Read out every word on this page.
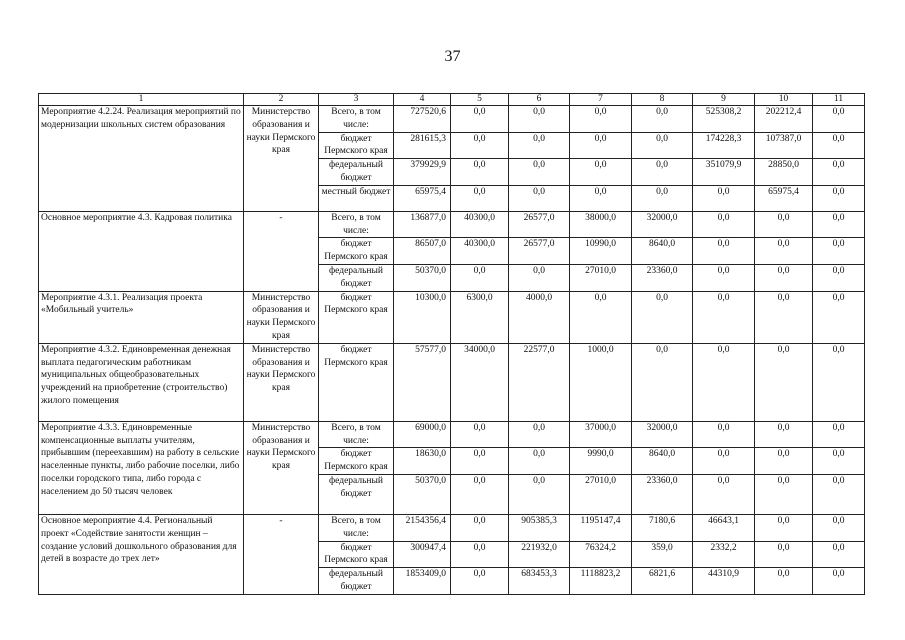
37
1	2	3	4	5	6	7	8	9	10	11
Мероприятие 4.2.24. Реализация мероприятий по модернизации школьных систем образования	Министерство образования и науки Пермского края	Всего, в том числе:	727520,6	0,0	0,0	0,0	0,0	525308,2	202212,4	0,0
		бюджет Пермского края	281615,3	0,0	0,0	0,0	0,0	174228,3	107387,0	0,0
		федеральный бюджет	379929,9	0,0	0,0	0,0	0,0	351079,9	28850,0	0,0
		местный бюджет	65975,4	0,0	0,0	0,0	0,0	0,0	65975,4	0,0
Основное мероприятие 4.3. Кадровая политика	-	Всего, в том числе:	136877,0	40300,0	26577,0	38000,0	32000,0	0,0	0,0	0,0
		бюджет Пермского края	86507,0	40300,0	26577,0	10990,0	8640,0	0,0	0,0	0,0
		федеральный бюджет	50370,0	0,0	0,0	27010,0	23360,0	0,0	0,0	0,0
Мероприятие 4.3.1. Реализация проекта «Мобильный учитель»	Министерство образования и науки Пермского края	бюджет Пермского края	10300,0	6300,0	4000,0	0,0	0,0	0,0	0,0	0,0
Мероприятие 4.3.2. Единовременная денежная выплата педагогическим работникам муниципальных общеобразовательных учреждений на приобретение (строительство) жилого помещения	Министерство образования и науки Пермского края	бюджет Пермского края	57577,0	34000,0	22577,0	1000,0	0,0	0,0	0,0	0,0
Мероприятие 4.3.3. Единовременные компенсационные выплаты учителям, прибывшим (переехавшим) на работу в сельские населенные пункты, либо рабочие поселки, либо поселки городского типа, либо города с населением до 50 тысяч человек	Министерство образования и науки Пермского края	Всего, в том числе:	69000,0	0,0	0,0	37000,0	32000,0	0,0	0,0	0,0
		бюджет Пермского края	18630,0	0,0	0,0	9990,0	8640,0	0,0	0,0	0,0
		федеральный бюджет	50370,0	0,0	0,0	27010,0	23360,0	0,0	0,0	0,0
Основное мероприятие 4.4. Региональный проект «Содействие занятости женщин – создание условий дошкольного образования для детей в возрасте до трех лет»	-	Всего, в том числе:	2154356,4	0,0	905385,3	1195147,4	7180,6	46643,1	0,0	0,0
		бюджет Пермского края	300947,4	0,0	221932,0	76324,2	359,0	2332,2	0,0	0,0
		федеральный бюджет	1853409,0	0,0	683453,3	1118823,2	6821,6	44310,9	0,0	0,0
